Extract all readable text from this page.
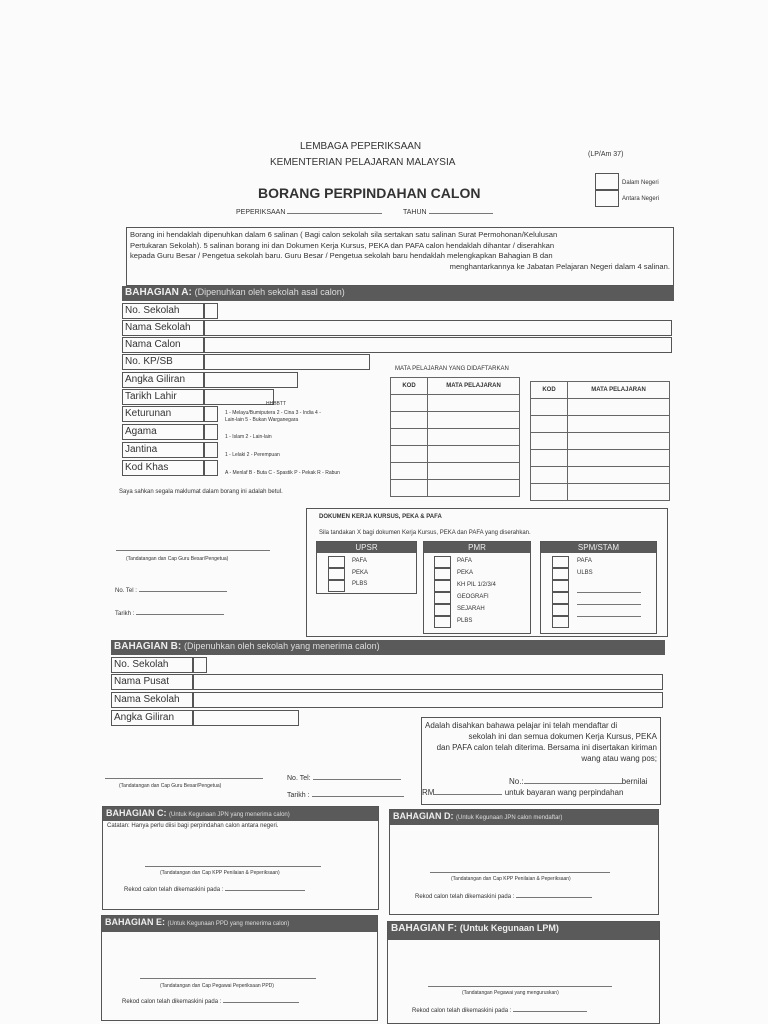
LEMBAGA PEPERIKSAAN
KEMENTERIAN PELAJARAN MALAYSIA
(LP/Am 37)
BORANG PERPINDAHAN CALON
PEPERIKSAAN	TAHUN
Dalam Negeri
Antara Negeri
Borang ini hendaklah dipenuhkan dalam 6 salinan ( Bagi calon sekolah sila sertakan satu salinan Surat Permohonan/Kelulusan
Pertukaran Sekolah). 5 salinan borang ini dan Dokumen Kerja Kursus, PEKA dan PAFA calon hendaklah dihantar / diserahkan
kepada Guru Besar / Pengetua sekolah baru. Guru Besar / Pengetua sekolah baru hendaklah melengkapkan Bahagian B dan
menghantarkannya ke Jabatan Pelajaran Negeri dalam 4 salinan.
BAHAGIAN A: (Dipenuhkan oleh sekolah asal calon)
No. Sekolah
Nama Sekolah
Nama Calon
No. KP/SB
Angka Giliran
Tarikh Lahir
Keturunan
Agama
Jantina
Kod Khas
HHBBTT
1 - Melayu/Bumiputera 2 - Cina 3 - India 4 -
Lain-lain 5 - Bukan Warganegara
1 - Islam 2 - Lain-lain
1 - Lelaki 2 - Perempuan
A - Menlaf B - Buta C - Spastik P - Pekak R - Rabun
MATA PELAJARAN YANG DIDAFTARKAN
KOD	MATA PELAJARAN

KOD	MATA PELAJARAN

Saya sahkan segala maklumat dalam borang ini adalah betul.
(Tandatangan dan Cap Guru Besar/Pengetua)
No. Tel :
Tarikh :
DOKUMEN KERJA KURSUS, PEKA & PAFA
Sila tandakan X bagi dokumen Kerja Kursus, PEKA dan PAFA yang diserahkan.
UPSR
PAFA
PEKA
PLBS
PMR
PAFA
PEKA
KH PIL 1/2/3/4
GEOGRAFI
SEJARAH
PLBS
SPM/STAM
PAFA
ULBS
BAHAGIAN B: (Dipenuhkan oleh sekolah yang menerima calon)
No. Sekolah
Nama Pusat
Nama Sekolah
Angka Giliran
Adalah disahkan bahawa pelajar ini telah mendaftar di
sekolah ini dan semua dokumen Kerja Kursus, PEKA
dan PAFA calon telah diterima. Bersama ini disertakan kiriman
wang atau wang pos;
No.:	bernilai
RM	untuk bayaran wang perpindahan
(Tandatangan dan Cap Guru Besar/Pengetua)
No. Tel:
Tarikh :
BAHAGIAN C: (Untuk Kegunaan JPN yang menerima calon)
Catatan: Hanya perlu diisi bagi perpindahan calon antara negeri.
(Tandatangan dan Cap KPP Penilaian & Peperiksaan)
Rekod calon telah dikemaskini pada :
BAHAGIAN D: (Untuk Kegunaan JPN calon mendaftar)
(Tandatangan dan Cap KPP Penilaian & Peperiksaan)
Rekod calon telah dikemaskini pada :
BAHAGIAN E: (Untuk Kegunaan PPD yang menerima calon)
(Tandatangan dan Cap Pegawai Peperiksaan PPD)
Rekod calon telah dikemaskini pada :
BAHAGIAN F: (Untuk Kegunaan LPM)
(Tandatangan Pegawai yang menguruskan)
Rekod calon telah dikemaskini pada :
